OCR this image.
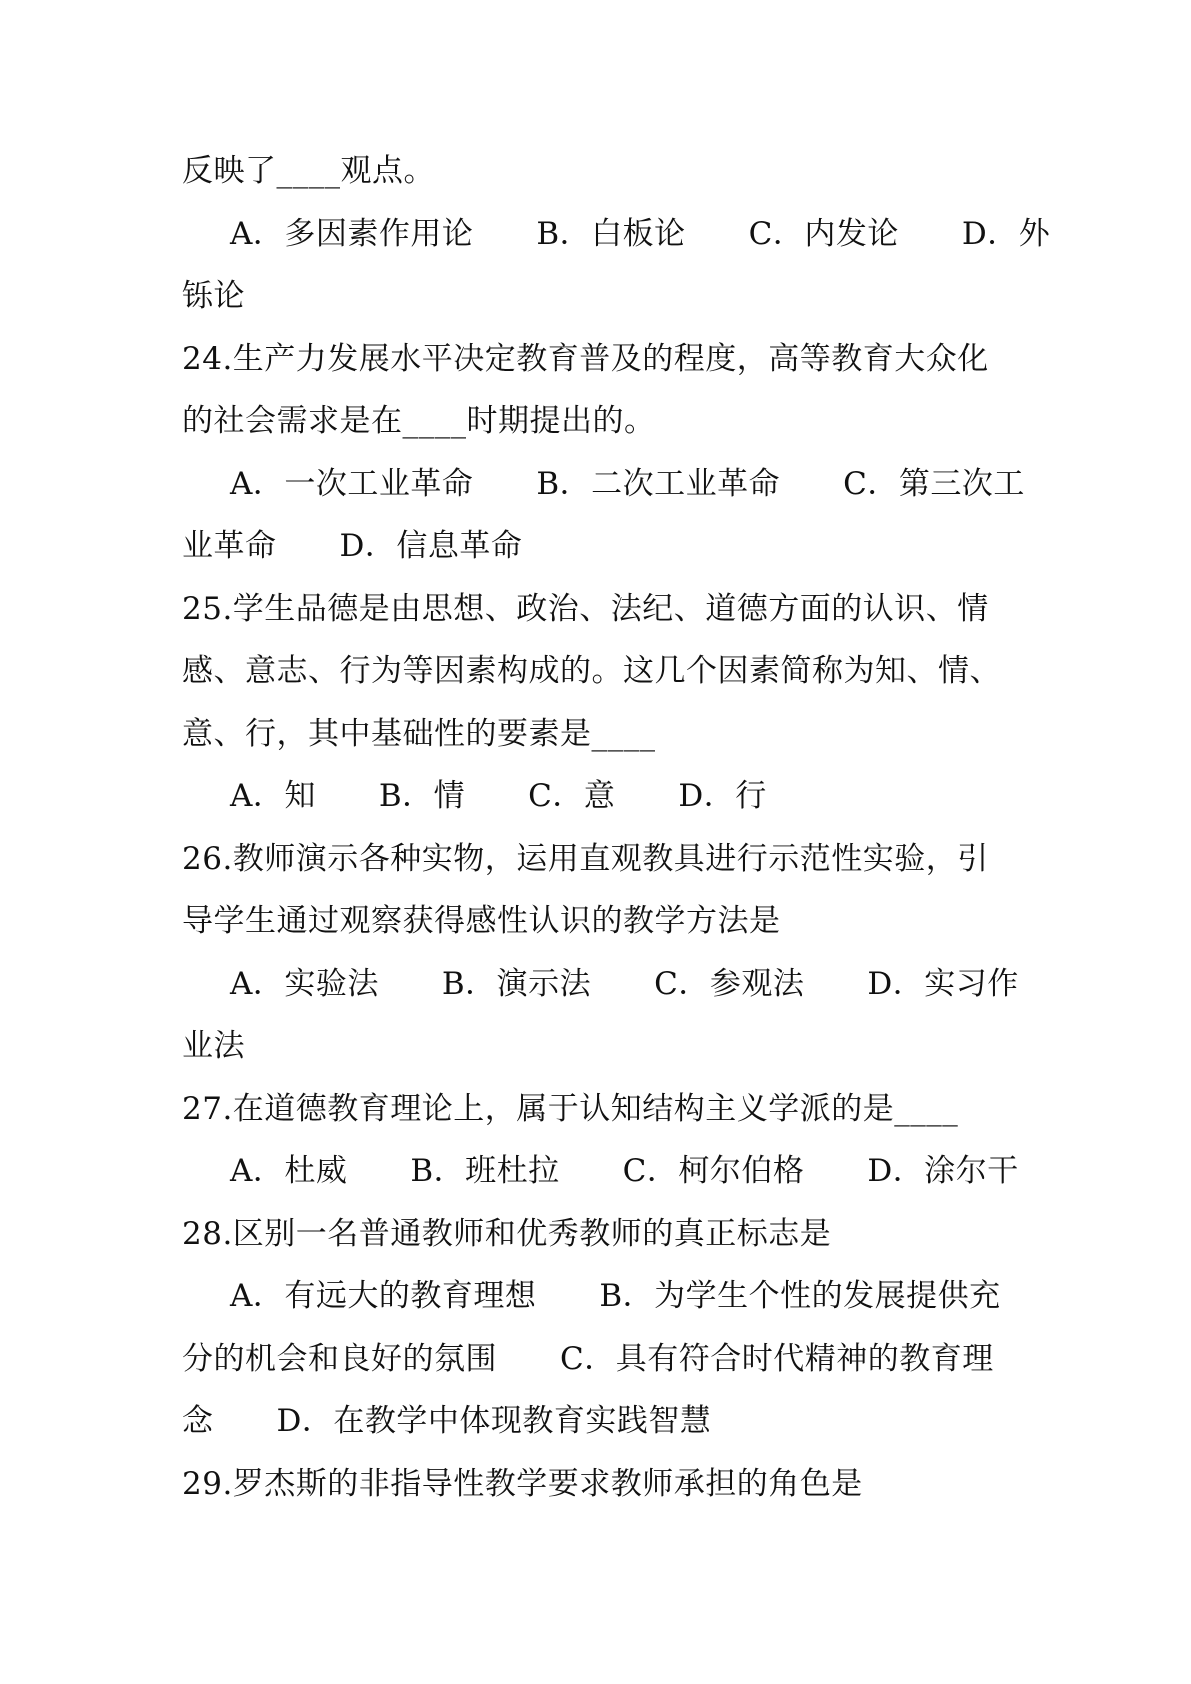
反映了____观点。
A．多因素作用论　　B．白板论　　C．内发论　　D．外
铄论
24.生产力发展水平决定教育普及的程度，高等教育大众化
的社会需求是在____时期提出的。
A．一次工业革命　　B．二次工业革命　　C．第三次工
业革命　　D．信息革命
25.学生品德是由思想、政治、法纪、道德方面的认识、情
感、意志、行为等因素构成的。这几个因素简称为知、情、
意、行，其中基础性的要素是____
A．知　　B．情　　C．意　　D．行
26.教师演示各种实物，运用直观教具进行示范性实验，引
导学生通过观察获得感性认识的教学方法是
A．实验法　　B．演示法　　C．参观法　　D．实习作
业法
27.在道德教育理论上，属于认知结构主义学派的是____
A．杜威　　B．班杜拉　　C．柯尔伯格　　D．涂尔干
28.区别一名普通教师和优秀教师的真正标志是
A．有远大的教育理想　　B．为学生个性的发展提供充
分的机会和良好的氛围　　C．具有符合时代精神的教育理
念　　D．在教学中体现教育实践智慧
29.罗杰斯的非指导性教学要求教师承担的角色是
